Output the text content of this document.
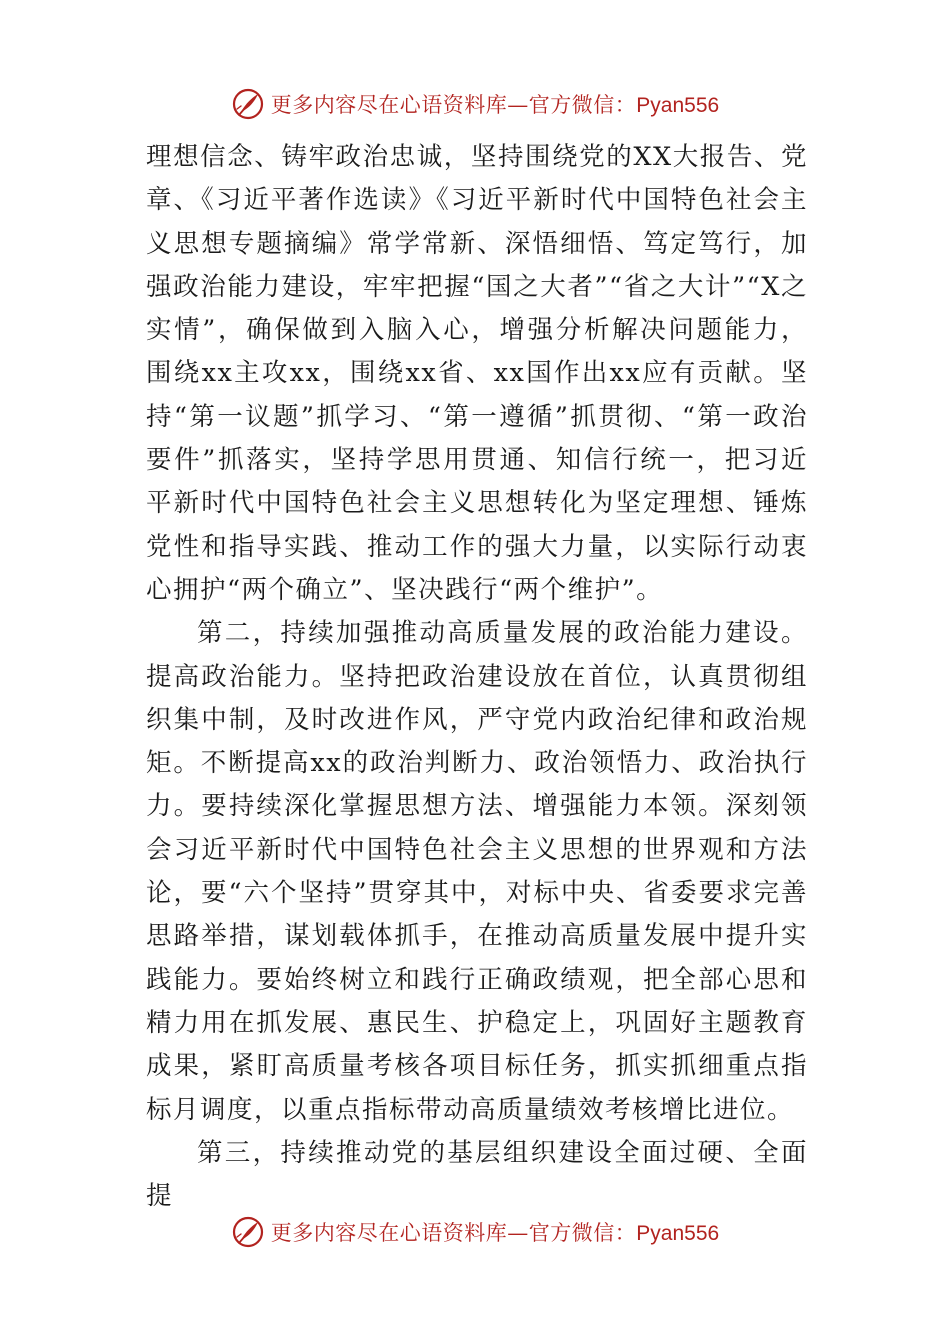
更多内容尽在心语资料库—官方微信：Pyan556

理想信念、铸牢政治忠诚，坚持围绕党的XX大报告、党章、《习近平著作选读》《习近平新时代中国特色社会主义思想专题摘编》常学常新、深悟细悟、笃定笃行，加强政治能力建设，牢牢把握“国之大者”“省之大计”“X之实情”，确保做到入脑入心，增强分析解决问题能力，围绕xx主攻xx，围绕xx省、xx国作出xx应有贡献。坚持“第一议题”抓学习、“第一遵循”抓贯彻、“第一政治要件”抓落实，坚持学思用贯通、知信行统一，把习近平新时代中国特色社会主义思想转化为坚定理想、锤炼党性和指导实践、推动工作的强大力量，以实际行动衷心拥护“两个确立”、坚决践行“两个维护”。

第二，持续加强推动高质量发展的政治能力建设。提高政治能力。坚持把政治建设放在首位，认真贯彻组织集中制，及时改进作风，严守党内政治纪律和政治规矩。不断提高xx的政治判断力、政治领悟力、政治执行力。要持续深化掌握思想方法、增强能力本领。深刻领会习近平新时代中国特色社会主义思想的世界观和方法论，要“六个坚持”贯穿其中，对标中央、省委要求完善思路举措，谋划载体抓手，在推动高质量发展中提升实践能力。要始终树立和践行正确政绩观，把全部心思和精力用在抓发展、惠民生、护稳定上，巩固好主题教育成果，紧盯高质量考核各项目标任务，抓实抓细重点指标月调度，以重点指标带动高质量绩效考核增比进位。

第三，持续推动党的基层组织建设全面过硬、全面提

更多内容尽在心语资料库—官方微信：Pyan556
